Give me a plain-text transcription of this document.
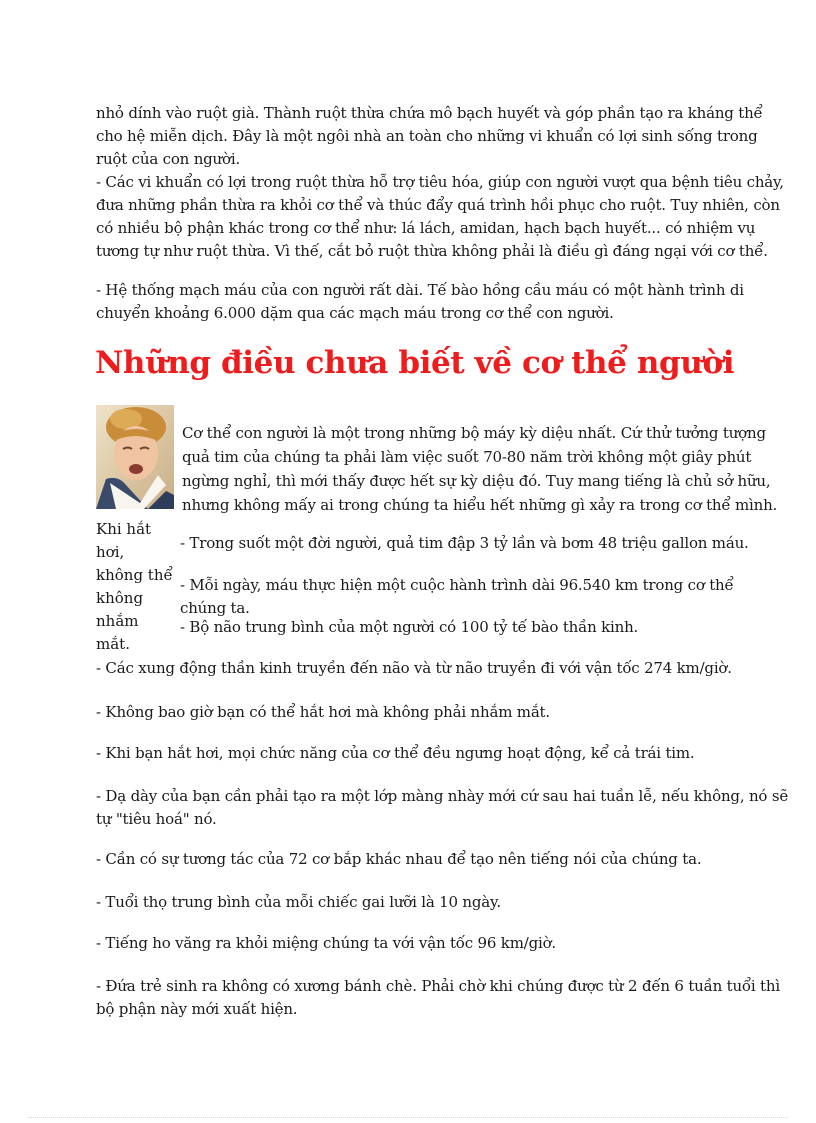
nhỏ dính vào ruột già. Thành ruột thừa chứa mô bạch huyết và góp phần tạo ra kháng thể cho hệ miễn dịch. Đây là một ngôi nhà an toàn cho những vi khuẩn có lợi sinh sống trong ruột của con người.

- Các vi khuẩn có lợi trong ruột thừa hỗ trợ tiêu hóa, giúp con người vượt qua bệnh tiêu chảy, đưa những phần thừa ra khỏi cơ thể và thúc đẩy quá trình hồi phục cho ruột. Tuy nhiên, còn có nhiều bộ phận khác trong cơ thể như: lá lách, amidan, hạch bạch huyết... có nhiệm vụ tương tự như ruột thừa. Vì thế, cắt bỏ ruột thừa không phải là điều gì đáng ngại với cơ thể.

- Hệ thống mạch máu của con người rất dài. Tế bào hồng cầu máu có một hành trình di chuyển khoảng 6.000 dặm qua các mạch máu trong cơ thể con người.

Những điều chưa biết về cơ thể người

Khi hắt hơi, không thể không nhắm mắt.

Cơ thể con người là một trong những bộ máy kỳ diệu nhất. Cứ thử tưởng tượng quả tim của chúng ta phải làm việc suốt 70-80 năm trời không một giây phút ngừng nghỉ, thì mới thấy được hết sự kỳ diệu đó. Tuy mang tiếng là chủ sở hữu, nhưng không mấy ai trong chúng ta hiểu hết những gì xảy ra trong cơ thể mình.

- Trong suốt một đời người, quả tim đập 3 tỷ lần và bơm 48 triệu gallon máu.

- Mỗi ngày, máu thực hiện một cuộc hành trình dài 96.540 km trong cơ thể chúng ta.

- Bộ não trung bình của một người có 100 tỷ tế bào thần kinh.

- Các xung động thần kinh truyền đến não và từ não truyền đi với vận tốc 274 km/giờ.

- Không bao giờ bạn có thể hắt hơi mà không phải nhắm mắt.

- Khi bạn hắt hơi, mọi chức năng của cơ thể đều ngưng hoạt động, kể cả trái tim.

- Dạ dày của bạn cần phải tạo ra một lớp màng nhày mới cứ sau hai tuần lễ, nếu không, nó sẽ tự "tiêu hoá" nó.

- Cần có sự tương tác của 72 cơ bắp khác nhau để tạo nên tiếng nói của chúng ta.

- Tuổi thọ trung bình của mỗi chiếc gai lưỡi là 10 ngày.

- Tiếng ho văng ra khỏi miệng chúng ta với vận tốc 96 km/giờ.

- Đứa trẻ sinh ra không có xương bánh chè. Phải chờ khi chúng được từ 2 đến 6 tuần tuổi thì bộ phận này mới xuất hiện.
